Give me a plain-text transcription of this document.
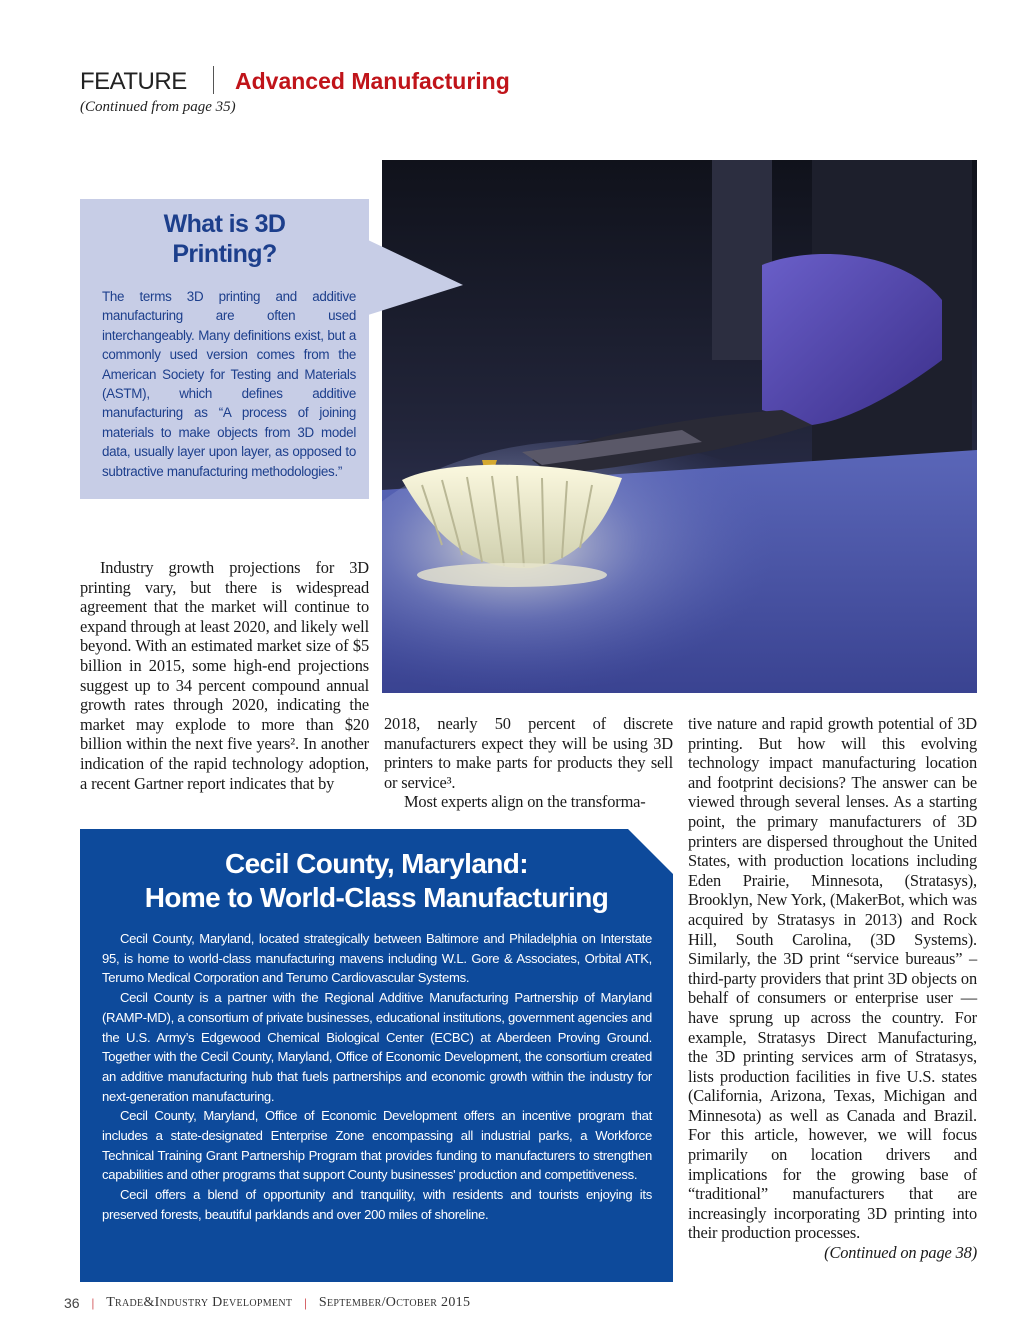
FEATURE Advanced Manufacturing
(Continued from page 35)
What is 3D
Printing?
The terms 3D printing and additive manufacturing are often used interchangeably. Many definitions exist, but a commonly used version comes from the American Society for Testing and Materials (ASTM), which defines additive manufacturing as “A process of joining materials to make objects from 3D model data, usually layer upon layer, as opposed to subtractive manufacturing methodologies.”

Industry growth projections for 3D printing vary, but there is widespread agreement that the market will continue to expand through at least 2020, and likely well beyond. With an estimated market size of $5 billion in 2015, some high-end projections suggest up to 34 percent compound annual growth rates through 2020, indicating the market may explode to more than $20 billion within the next five years². In another indication of the rapid technology adoption, a recent Gartner report indicates that by

2018, nearly 50 percent of discrete manufacturers expect they will be using 3D printers to make parts for products they sell or service³.

Most experts align on the transforma-

tive nature and rapid growth potential of 3D printing. But how will this evolving technology impact manufacturing location and footprint decisions? The answer can be viewed through several lenses. As a starting point, the primary manufacturers of 3D printers are dispersed throughout the United States, with production locations including Eden Prairie, Minnesota, (Stratasys), Brooklyn, New York, (MakerBot, which was acquired by Stratasys in 2013) and Rock Hill, South Carolina, (3D Systems). Similarly, the 3D print “service bureaus” – third-party providers that print 3D objects on behalf of consumers or enterprise user — have sprung up across the country. For example, Stratasys Direct Manufacturing, the 3D printing services arm of Stratasys, lists production facilities in five U.S. states (California, Arizona, Texas, Michigan and Minnesota) as well as Canada and Brazil. For this article, however, we will focus primarily on location drivers and implications for the growing base of “traditional” manufacturers that are increasingly incorporating 3D printing into their production processes.
(Continued on page 38)

Cecil County, Maryland:
Home to World-Class Manufacturing

Cecil County, Maryland, located strategically between Baltimore and Philadelphia on Interstate 95, is home to world-class manufacturing mavens including W.L. Gore & Associates, Orbital ATK, Terumo Medical Corporation and Terumo Cardiovascular Systems.

Cecil County is a partner with the Regional Additive Manufacturing Partnership of Maryland (RAMP-MD), a consortium of private businesses, educational institutions, government agencies and the U.S. Army’s Edgewood Chemical Biological Center (ECBC) at Aberdeen Proving Ground. Together with the Cecil County, Maryland, Office of Economic Development, the consortium created an additive manufacturing hub that fuels partnerships and economic growth within the industry for next-generation manufacturing.

Cecil County, Maryland, Office of Economic Development offers an incentive program that includes a state-designated Enterprise Zone encompassing all industrial parks, a Workforce Technical Training Grant Partnership Program that provides funding to manufacturers to strengthen capabilities and other programs that support County businesses' production and competitiveness.

Cecil offers a blend of opportunity and tranquility, with residents and tourists enjoying its preserved forests, beautiful parklands and over 200 miles of shoreline.

36 | Trade&Industry Development | September/October 2015
